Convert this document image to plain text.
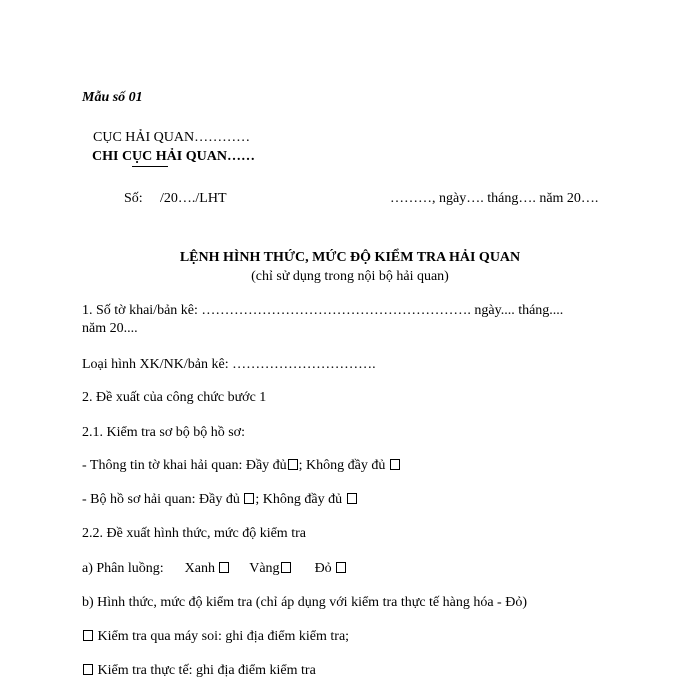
Mẫu số 01
CỤC HẢI QUAN…………
CHI CỤC HẢI QUAN……
Số: /20…./LHT	………, ngày…. tháng…. năm 20….
LỆNH HÌNH THỨC, MỨC ĐỘ KIỂM TRA HẢI QUAN
(chỉ sử dụng trong nội bộ hải quan)
1. Số tờ khai/bản kê: …………………………………………………. ngày.... tháng....
năm 20....
Loại hình XK/NK/bản kê: ………………………….
2. Đề xuất của công chức bước 1
2.1. Kiểm tra sơ bộ bộ hồ sơ:
- Thông tin tờ khai hải quan: Đầy đủ ; Không đầy đủ
- Bộ hồ sơ hải quan: Đầy đủ ; Không đầy đủ
2.2. Đề xuất hình thức, mức độ kiểm tra
a) Phân luồng: Xanh Vàng	Đỏ
b) Hình thức, mức độ kiểm tra (chỉ áp dụng với kiểm tra thực tế hàng hóa - Đỏ)
Kiểm tra qua máy soi: ghi địa điểm kiểm tra;
Kiểm tra thực tế: ghi địa điểm kiểm tra
